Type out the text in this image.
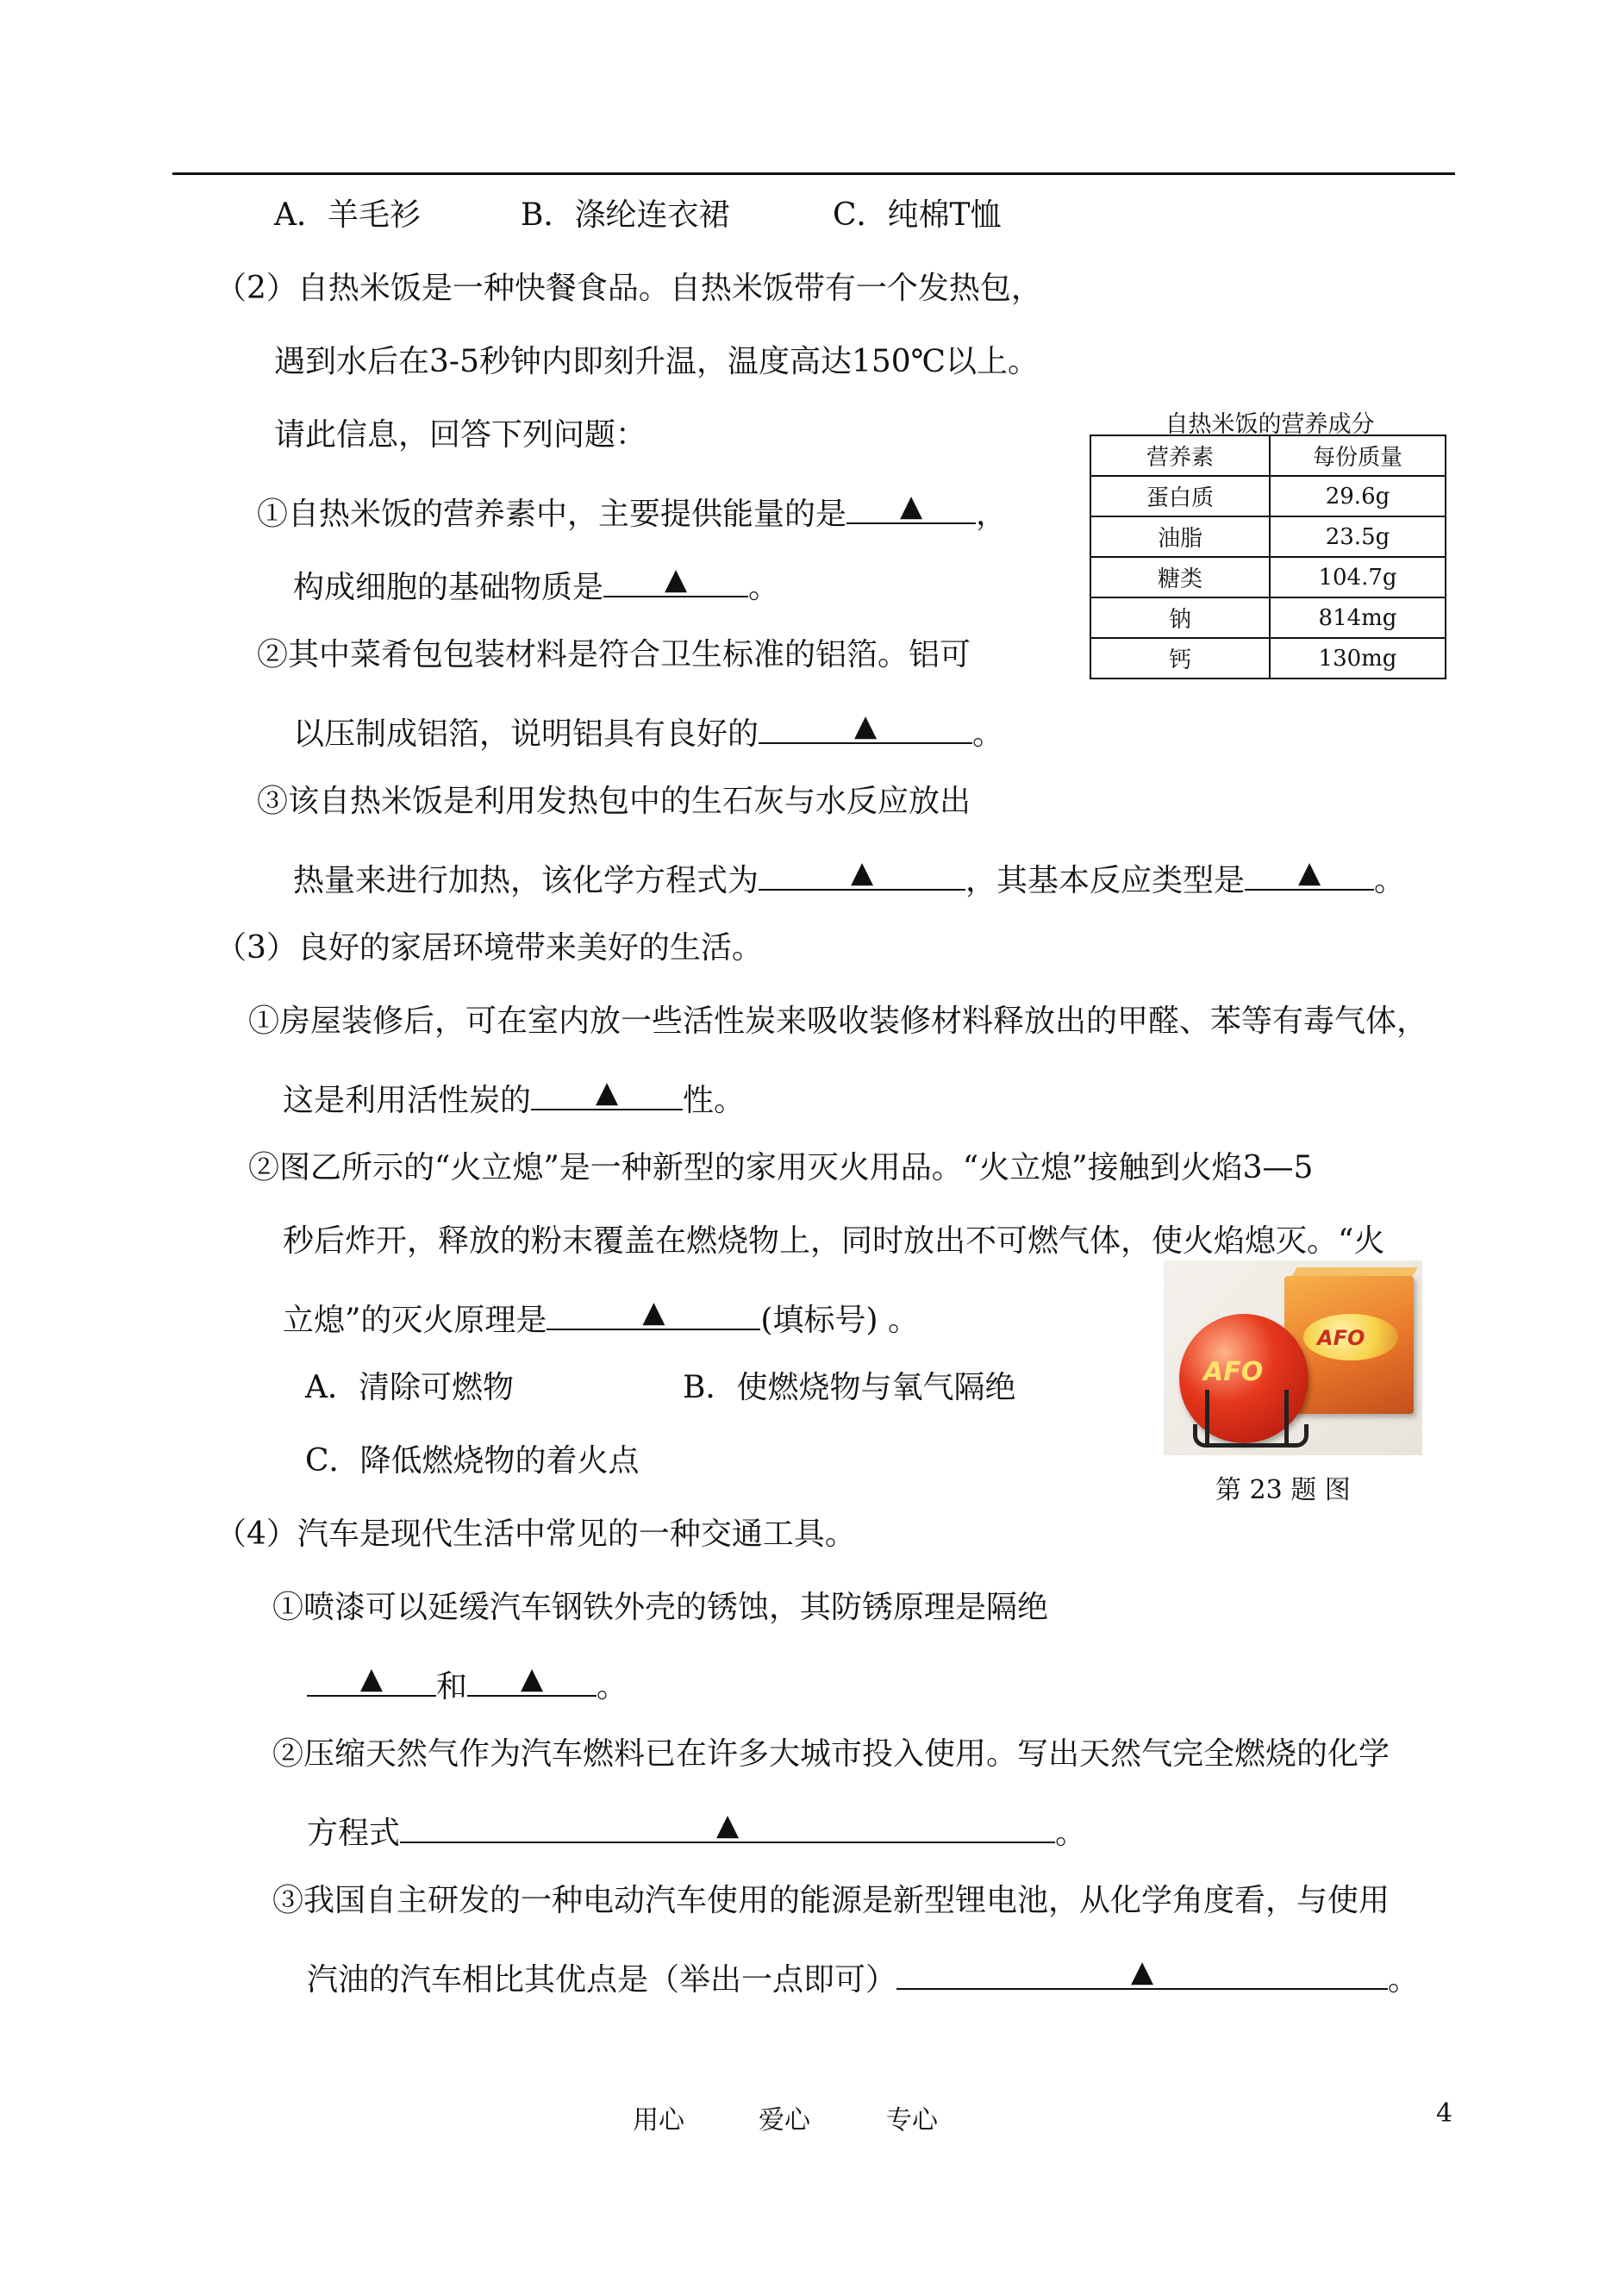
A．羊毛衫	B．涤纶连衣裙	C．纯棉T恤
（2）自热米饭是一种快餐食品。自热米饭带有一个发热包，
遇到水后在3-5秒钟内即刻升温，温度高达150℃以上。
请此信息，回答下列问题：
①自热米饭的营养素中，主要提供能量的是	▲	，
构成细胞的基础物质是	▲	。
②其中菜肴包包装材料是符合卫生标准的铝箔。铝可
以压制成铝箔，说明铝具有良好的	▲	。
③该自热米饭是利用发热包中的生石灰与水反应放出
热量来进行加热，该化学方程式为	▲	，其基本反应类型是	▲	。
自热米饭的营养成分
营养素	每份质量
蛋白质	29.6g
油脂	23.5g
糖类	104.7g
钠	814mg
钙	130mg
（3）良好的家居环境带来美好的生活。
①房屋装修后，可在室内放一些活性炭来吸收装修材料释放出的甲醛、苯等有毒气体，
这是利用活性炭的	▲	性。
②图乙所示的“火立熄”是一种新型的家用灭火用品。“火立熄”接触到火焰3—5
秒后炸开，释放的粉末覆盖在燃烧物上，同时放出不可燃气体，使火焰熄灭。“火
立熄”的灭火原理是	▲	(填标号) 。
A．清除可燃物	B．使燃烧物与氧气隔绝
C．降低燃烧物的着火点
AFO
AFO
第 23 题 图
（4）汽车是现代生活中常见的一种交通工具。
①喷漆可以延缓汽车钢铁外壳的锈蚀，其防锈原理是隔绝
▲	和	▲	。
②压缩天然气作为汽车燃料已在许多大城市投入使用。写出天然气完全燃烧的化学
方程式	▲	。
③我国自主研发的一种电动汽车使用的能源是新型锂电池，从化学角度看，与使用
汽油的汽车相比其优点是（举出一点即可）	▲	。
用心	爱心	专心	4
